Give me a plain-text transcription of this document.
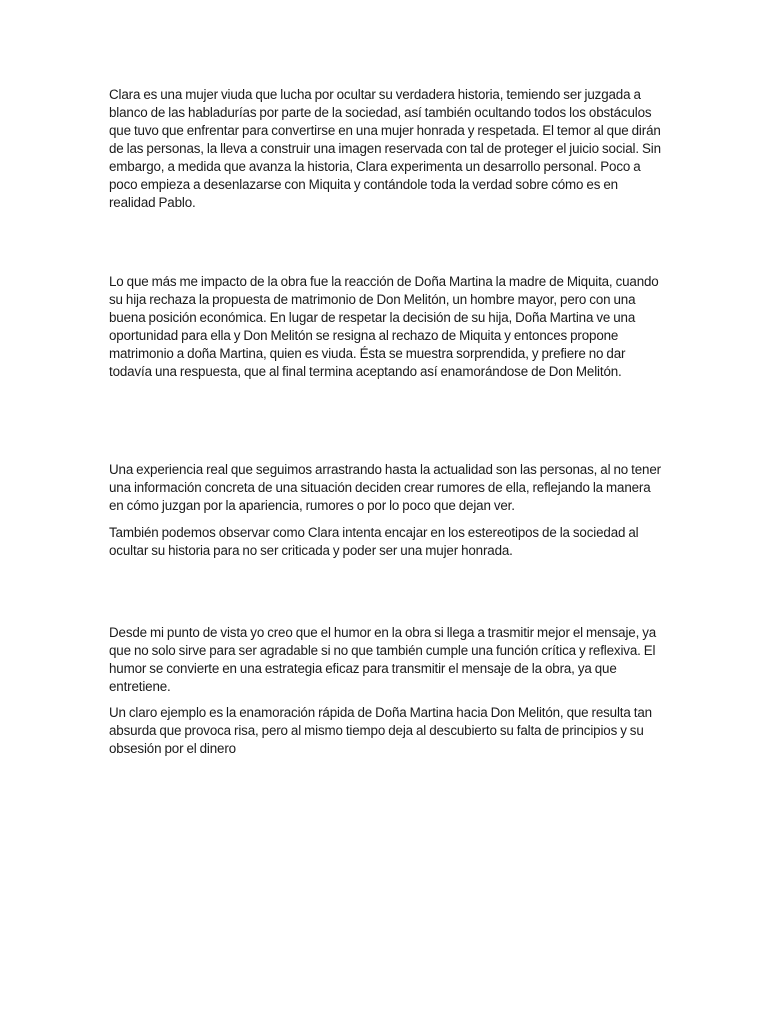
Clara es una mujer viuda que lucha por ocultar su verdadera historia, temiendo ser juzgada a blanco de las habladurías por parte de la sociedad, así también ocultando todos los obstáculos que tuvo que enfrentar para convertirse en una mujer honrada y respetada. El temor al que dirán de las personas, la lleva a construir una imagen reservada con tal de proteger el juicio social. Sin embargo, a medida que avanza la historia, Clara experimenta un desarrollo personal. Poco a poco empieza a desenlazarse con Miquita y contándole toda la verdad sobre cómo es en realidad Pablo.

Lo que más me impacto de la obra fue la reacción de Doña Martina la madre de Miquita, cuando su hija rechaza la propuesta de matrimonio de Don Melitón, un hombre mayor, pero con una buena posición económica. En lugar de respetar la decisión de su hija, Doña Martina ve una oportunidad para ella y Don Melitón se resigna al rechazo de Miquita y entonces propone matrimonio a doña Martina, quien es viuda. Ésta se muestra sorprendida, y prefiere no dar todavía una respuesta, que al final termina aceptando así enamorándose de Don Melitón.

Una experiencia real que seguimos arrastrando hasta la actualidad son las personas, al no tener una información concreta de una situación deciden crear rumores de ella, reflejando la manera en cómo juzgan por la apariencia, rumores o por lo poco que dejan ver.

También podemos observar como Clara intenta encajar en los estereotipos de la sociedad al ocultar su historia para no ser criticada y poder ser una mujer honrada.

Desde mi punto de vista yo creo que el humor en la obra si llega a trasmitir mejor el mensaje, ya que no solo sirve para ser agradable si no que también cumple una función crítica y reflexiva. El humor se convierte en una estrategia eficaz para transmitir el mensaje de la obra, ya que entretiene.

Un claro ejemplo es la enamoración rápida de Doña Martina hacia Don Melitón, que resulta tan absurda que provoca risa, pero al mismo tiempo deja al descubierto su falta de principios y su obsesión por el dinero
